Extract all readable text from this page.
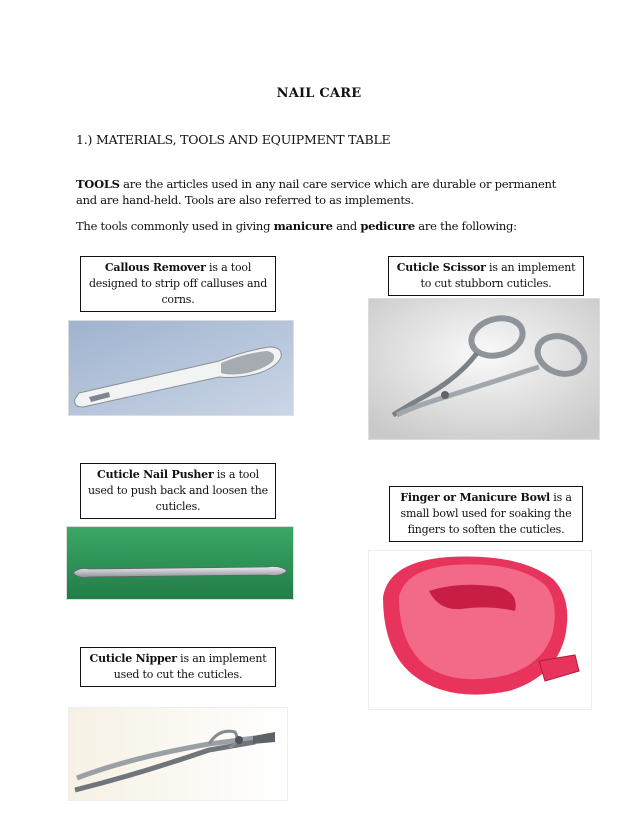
NAIL CARE
1.) MATERIALS, TOOLS AND EQUIPMENT TABLE
TOOLS are the articles used in any nail care service which are durable or permanent and are hand-held. Tools are also referred to as implements.
The tools commonly used in giving manicure and pedicure are the following:
Callous Remover is a tool designed to strip off calluses and corns.
Cuticle Scissor is an implement to cut stubborn cuticles.
Cuticle Nail Pusher is a tool used to push back and loosen the cuticles.
Finger or Manicure Bowl is a small bowl used for soaking the fingers to soften the cuticles.
Cuticle Nipper is an implement used to cut the cuticles.
